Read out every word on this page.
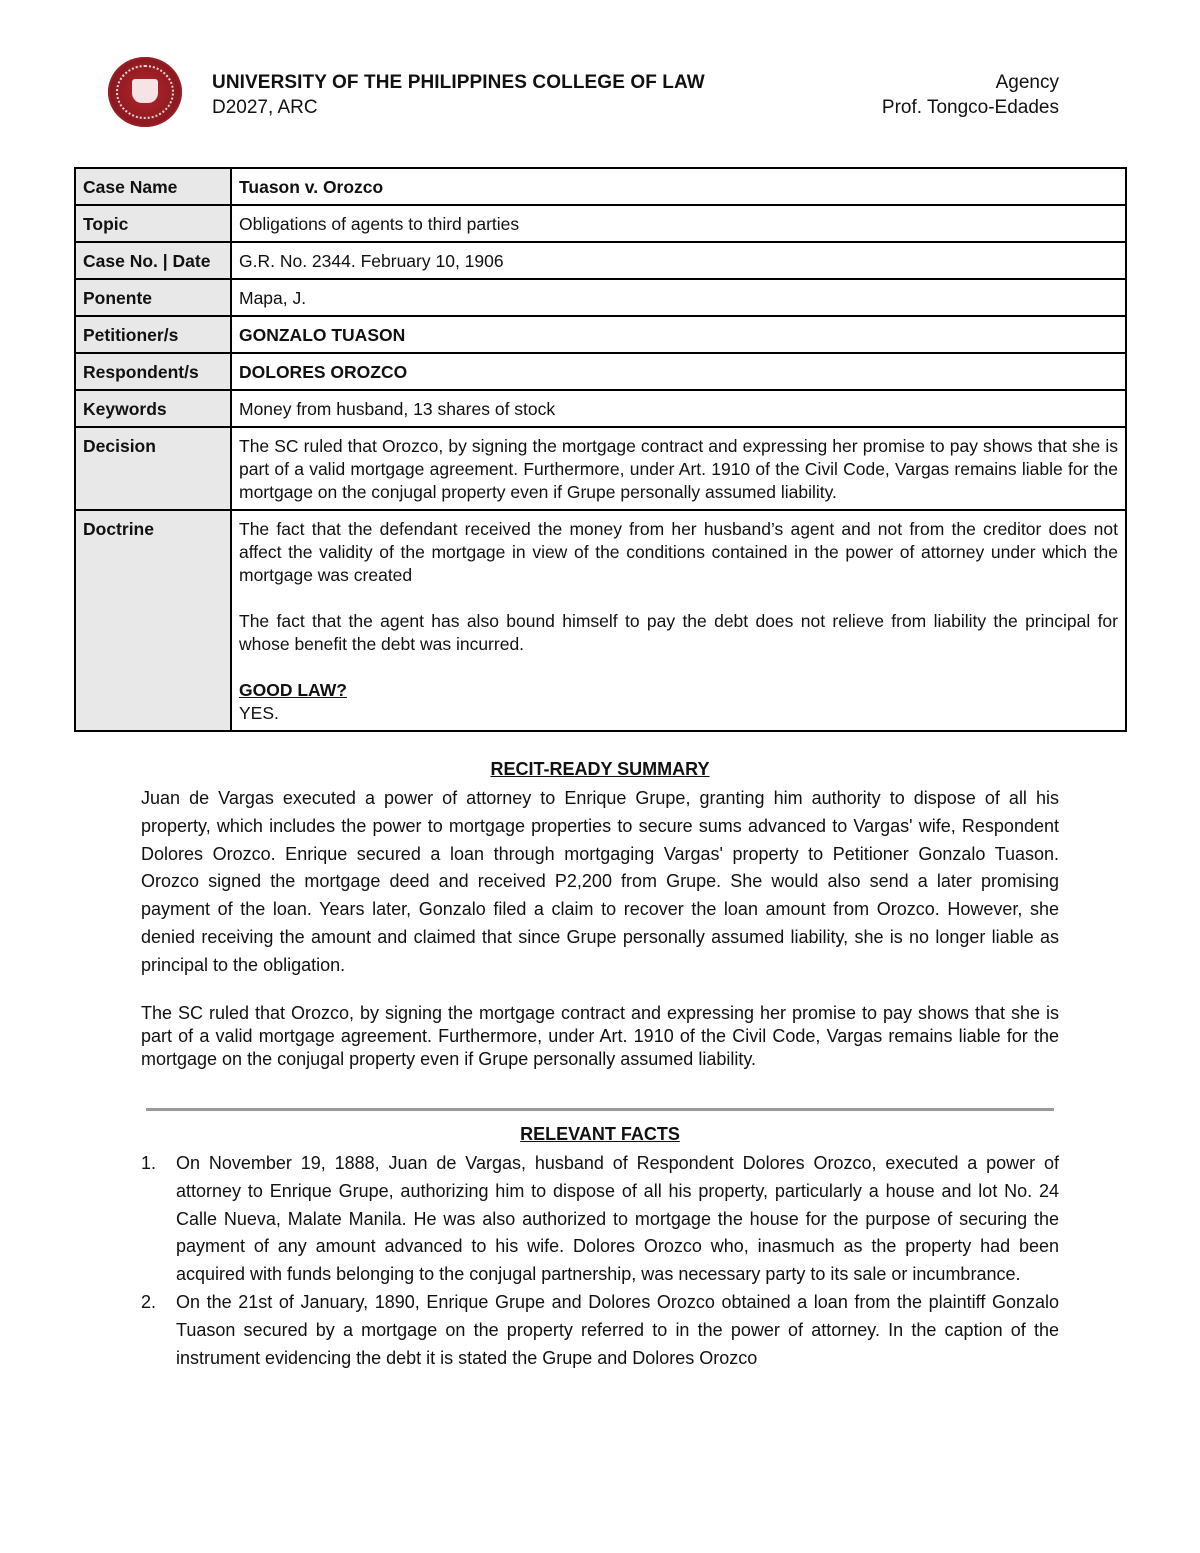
UNIVERSITY OF THE PHILIPPINES COLLEGE OF LAW
D2027, ARC
Agency
Prof. Tongco-Edades
Case Name	Tuason v. Orozco
Topic	Obligations of agents to third parties
Case No. | Date	G.R. No. 2344. February 10, 1906
Ponente	Mapa, J.
Petitioner/s	GONZALO TUASON
Respondent/s	DOLORES OROZCO
Keywords	Money from husband, 13 shares of stock
Decision	The SC ruled that Orozco, by signing the mortgage contract and expressing her promise to pay shows that she is part of a valid mortgage agreement. Furthermore, under Art. 1910 of the Civil Code, Vargas remains liable for the mortgage on the conjugal property even if Grupe personally assumed liability.
Doctrine	The fact that the defendant received the money from her husband’s agent and not from the creditor does not affect the validity of the mortgage in view of the conditions contained in the power of attorney under which the mortgage was created
The fact that the agent has also bound himself to pay the debt does not relieve from liability the principal for whose benefit the debt was incurred.
GOOD LAW?
YES.
RECIT-READY SUMMARY
Juan de Vargas executed a power of attorney to Enrique Grupe, granting him authority to dispose of all his property, which includes the power to mortgage properties to secure sums advanced to Vargas' wife, Respondent Dolores Orozco. Enrique secured a loan through mortgaging Vargas' property to Petitioner Gonzalo Tuason. Orozco signed the mortgage deed and received P2,200 from Grupe. She would also send a later promising payment of the loan. Years later, Gonzalo filed a claim to recover the loan amount from Orozco. However, she denied receiving the amount and claimed that since Grupe personally assumed liability, she is no longer liable as principal to the obligation.
The SC ruled that Orozco, by signing the mortgage contract and expressing her promise to pay shows that she is part of a valid mortgage agreement. Furthermore, under Art. 1910 of the Civil Code, Vargas remains liable for the mortgage on the conjugal property even if Grupe personally assumed liability.
RELEVANT FACTS
1. On November 19, 1888, Juan de Vargas, husband of Respondent Dolores Orozco, executed a power of attorney to Enrique Grupe, authorizing him to dispose of all his property, particularly a house and lot No. 24 Calle Nueva, Malate Manila. He was also authorized to mortgage the house for the purpose of securing the payment of any amount advanced to his wife. Dolores Orozco who, inasmuch as the property had been acquired with funds belonging to the conjugal partnership, was necessary party to its sale or incumbrance.
2. On the 21st of January, 1890, Enrique Grupe and Dolores Orozco obtained a loan from the plaintiff Gonzalo Tuason secured by a mortgage on the property referred to in the power of attorney. In the caption of the instrument evidencing the debt it is stated the Grupe and Dolores Orozco
